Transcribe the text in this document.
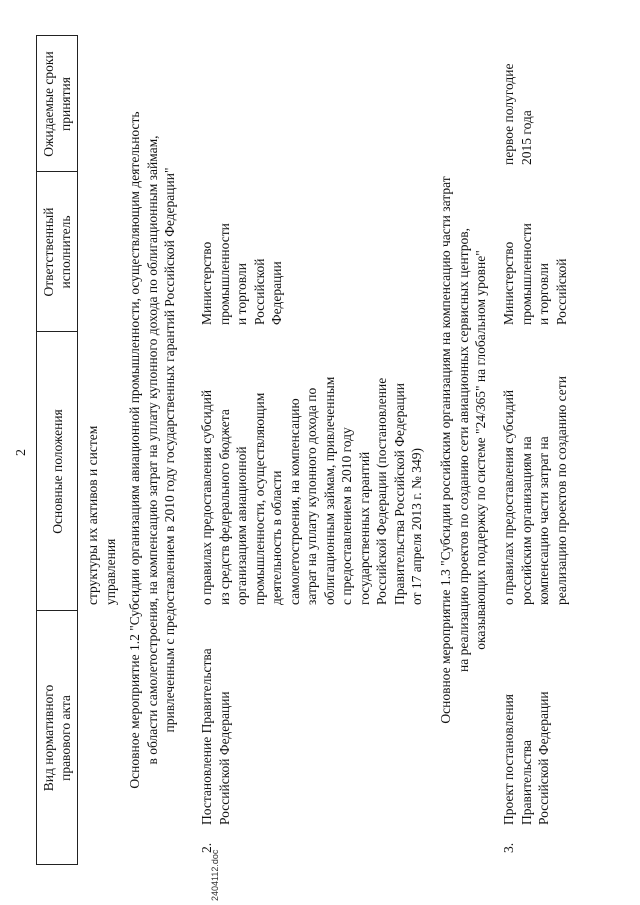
2
Вид нормативного
правового акта
Основные положения
Ответственный
исполнитель
Ожидаемые сроки
принятия
структуры их активов и систем
управления
Основное мероприятие 1.2 "Субсидии организациям авиационной промышленности, осуществляющим деятельность
в области самолетостроения, на компенсацию затрат на уплату купонного дохода по облигационным займам,
привлеченным с предоставлением в 2010 году государственных гарантий Российской Федерации"
2.
Постановление Правительства
Российской Федерации
о правилах предоставления субсидий
из средств федерального бюджета
организациям авиационной
промышленности, осуществляющим
деятельность в области
самолетостроения, на компенсацию
затрат на уплату купонного дохода по
облигационным займам, привлеченным
с предоставлением в 2010 году
государственных гарантий
Российской Федерации (постановление
Правительства Российской Федерации
от 17 апреля 2013 г. № 349)
Министерство
промышленности
и торговли
Российской
Федерации
Основное мероприятие 1.3 "Субсидии российским организациям на компенсацию части затрат
на реализацию проектов по созданию сети авиационных сервисных центров,
оказывающих поддержку по системе "24/365" на глобальном уровне"
3.
Проект постановления
Правительства
Российской Федерации
о правилах предоставления субсидий
российским организациям на
компенсацию части затрат на
реализацию проектов по созданию сети
Министерство
промышленности
и торговли
Российской
первое полугодие
2015 года
2404112.doc
